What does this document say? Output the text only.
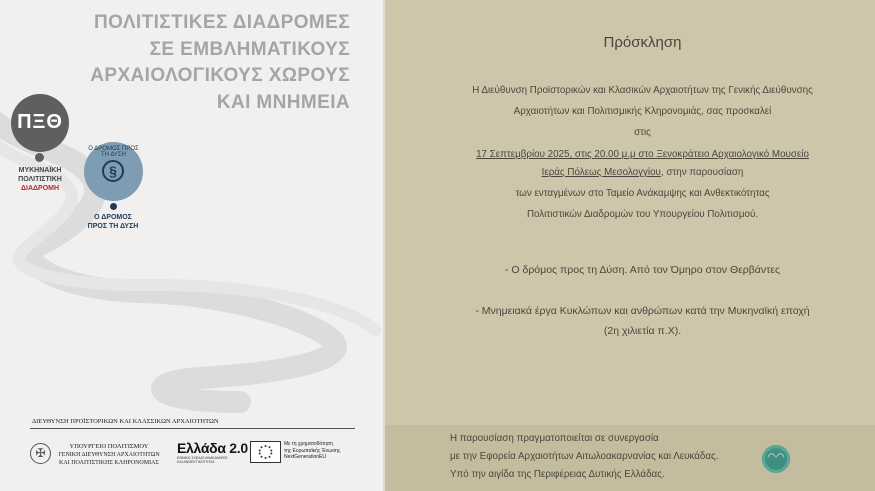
ΠΟΛΙΤΙΣΤΙΚΕΣ ΔΙΑΔΡΟΜΕΣ
ΣΕ ΕΜΒΛΗΜΑΤΙΚΟΥΣ
ΑΡΧΑΙΟΛΟΓΙΚΟΥΣ ΧΩΡΟΥΣ
ΚΑΙ ΜΝΗΜΕΙΑ
ΠΞΘ
ΜΥΚΗΝΑΪΚΗ
ΠΟΛΙΤΙΣΤΙΚΗ
ΔΙΑΔΡΟΜΗ
Ο ΔΡΟΜΟΣ ΠΡΟΣ ΤΗ ΔΥΣΗ
§
Ο ΔΡΟΜΟΣ
ΠΡΟΣ ΤΗ ΔΥΣΗ
ΔΙΕΥΘΥΝΣΗ ΠΡΟΪΣΤΟΡΙΚΩΝ ΚΑΙ ΚΛΑΣΣΙΚΩΝ ΑΡΧΑΙΟΤΗΤΩΝ
✠	ΥΠΟΥΡΓΕΙΟ ΠΟΛΙΤΙΣΜΟΥ
ΓΕΝΙΚΗ ΔΙΕΥΘΥΝΣΗ ΑΡΧΑΙΟΤΗΤΩΝ
ΚΑΙ ΠΟΛΙΤΙΣΤΙΚΗΣ ΚΛΗΡΟΝΟΜΙΑΣ
Ελλάδα 2.0
ΕΘΝΙΚΟ ΣΧΕΔΙΟ ΑΝΑΚΑΜΨΗΣ
ΚΑΙ ΑΝΘΕΚΤΙΚΟΤΗΤΑΣ
Με τη χρηματοδότηση
της Ευρωπαϊκής Ένωσης
NextGenerationEU
Πρόσκληση
Η Διεύθυνση Προϊστορικών και Κλασικών Αρχαιοτήτων της Γενικής Διεύθυνσης
Αρχαιοτήτων και Πολιτισμικής Κληρονομιάς, σας προσκαλεί
στις
17 Σεπτεμβρίου 2025, στις 20.00 μ.μ στο Ξενοκράτειο Αρχαιολογικό Μουσείο
Ιεράς Πόλεως Μεσολογγίου, στην παρουσίαση
των ενταγμένων στο Ταμείο Ανάκαμψης και Ανθεκτικότητας
Πολιτιστικών Διαδρομών του Υπουργείου Πολιτισμού.
- Ο δρόμος προς τη Δύση. Από τον Όμηρο στον Θερβάντες
- Μνημειακά έργα Κυκλώπων και ανθρώπων κατά την Μυκηναϊκή εποχή
(2η χιλιετία π.Χ).
Η παρουσίαση πραγματοποιείται σε συνεργασία
με την Εφορεία Αρχαιοτήτων Αιτωλοακαρνανίας και Λευκάδας.
Υπό την αιγίδα της Περιφέρειας Δυτικής Ελλάδας.
◠◠
